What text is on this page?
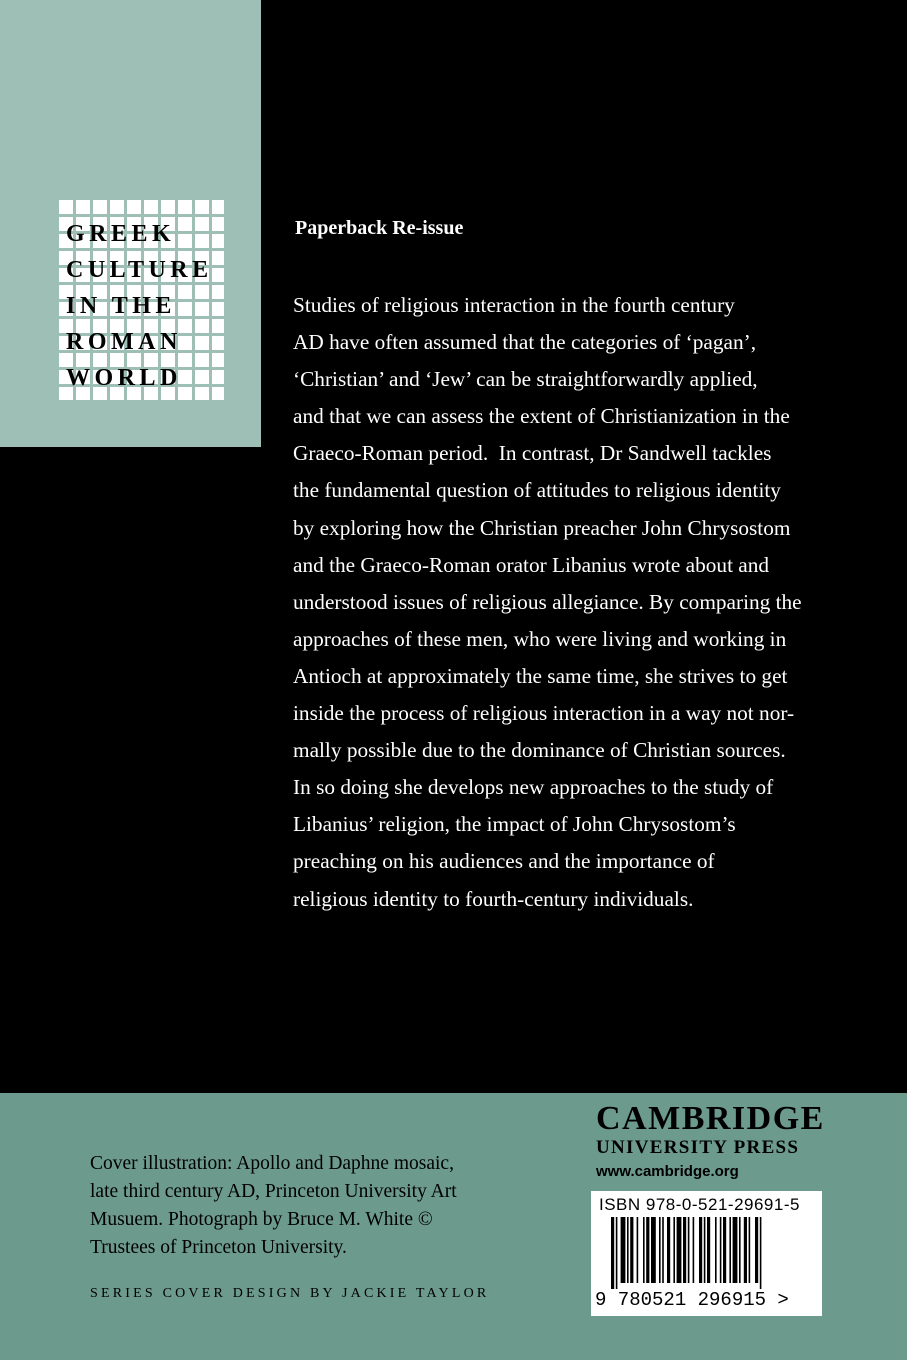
GREEK
CULTURE
IN THE
ROMAN
WORLD
Paperback Re-issue
Studies of religious interaction in the fourth century
AD have often assumed that the categories of ‘pagan’,
‘Christian’ and ‘Jew’ can be straightforwardly applied,
and that we can assess the extent of Christianization in the
Graeco-Roman period.  In contrast, Dr Sandwell tackles
the fundamental question of attitudes to religious identity
by exploring how the Christian preacher John Chrysostom
and the Graeco-Roman orator Libanius wrote about and
understood issues of religious allegiance. By comparing the
approaches of these men, who were living and working in
Antioch at approximately the same time, she strives to get
inside the process of religious interaction in a way not nor-
mally possible due to the dominance of Christian sources.
In so doing she develops new approaches to the study of
Libanius’ religion, the impact of John Chrysostom’s
preaching on his audiences and the importance of
religious identity to fourth-century individuals.
Cover illustration: Apollo and Daphne mosaic,
late third century AD, Princeton University Art
Musuem. Photograph by Bruce M. White ©
Trustees of Princeton University.
SERIES COVER DESIGN BY JACKIE TAYLOR
CAMBRIDGE
UNIVERSITY PRESS
www.cambridge.org
ISBN 978-0-521-29691-5
9 780521 296915 >
